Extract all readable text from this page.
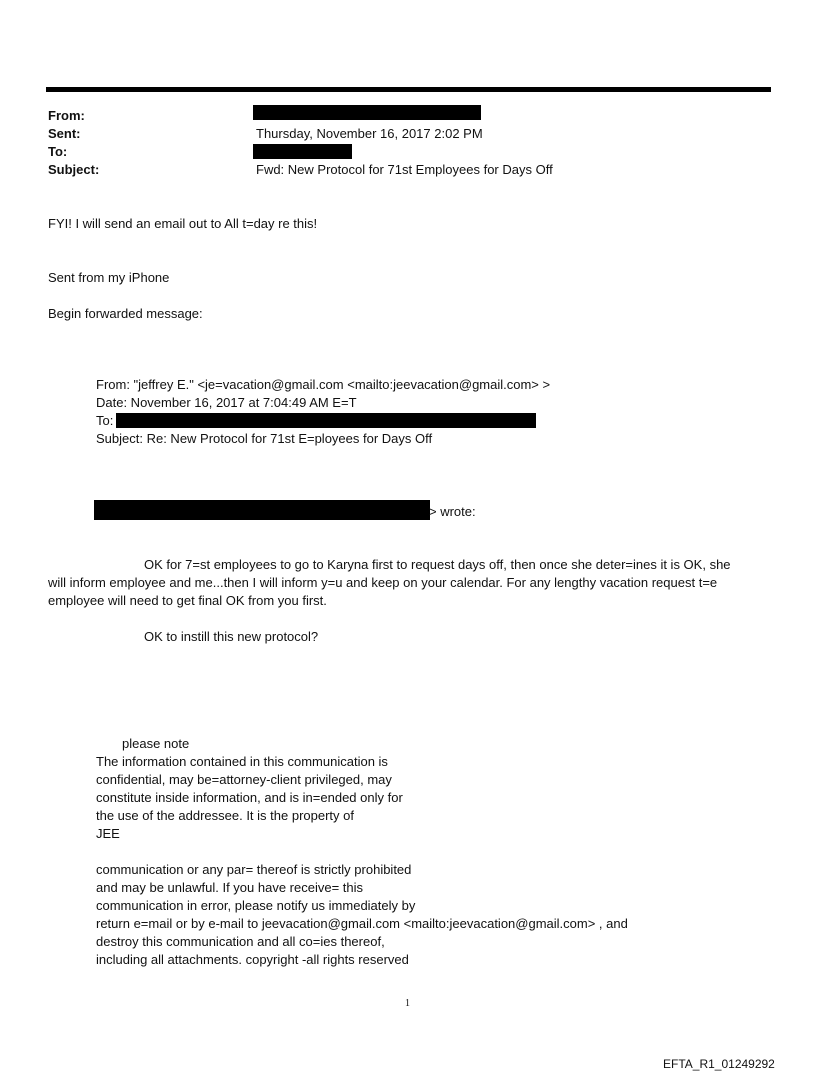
From:
Sent:	Thursday, November 16, 2017 2:02 PM
To:
Subject:	Fwd: New Protocol for 71st Employees for Days Off
FYI! I will send an email out to All t=day re this!
Sent from my iPhone
Begin forwarded message:
From: "jeffrey E." <je=vacation@gmail.com <mailto:jeevacation@gmail.com> >
Date: November 16, 2017 at 7:04:49 AM E=T
To:
Subject: Re: New Protocol for 71st E=ployees for Days Off
> wrote:
OK for 7=st employees to go to Karyna first to request days off, then once she deter=ines it is OK, she
will inform employee and me...then I will inform y=u and keep on your calendar. For any lengthy vacation request t=e
employee will need to get final OK from you first.
OK to instill this new protocol?
please note
The information contained in this communication is
confidential, may be=attorney-client privileged, may
constitute inside information, and is in=ended only for
the use of the addressee. It is the property of
JEE
communication or any par= thereof is strictly prohibited
and may be unlawful. If you have receive= this
communication in error, please notify us immediately by
return e=mail or by e-mail to jeevacation@gmail.com <mailto:jeevacation@gmail.com> , and
destroy this communication and all co=ies thereof,
including all attachments. copyright -all rights reserved
1
EFTA_R1_01249292
